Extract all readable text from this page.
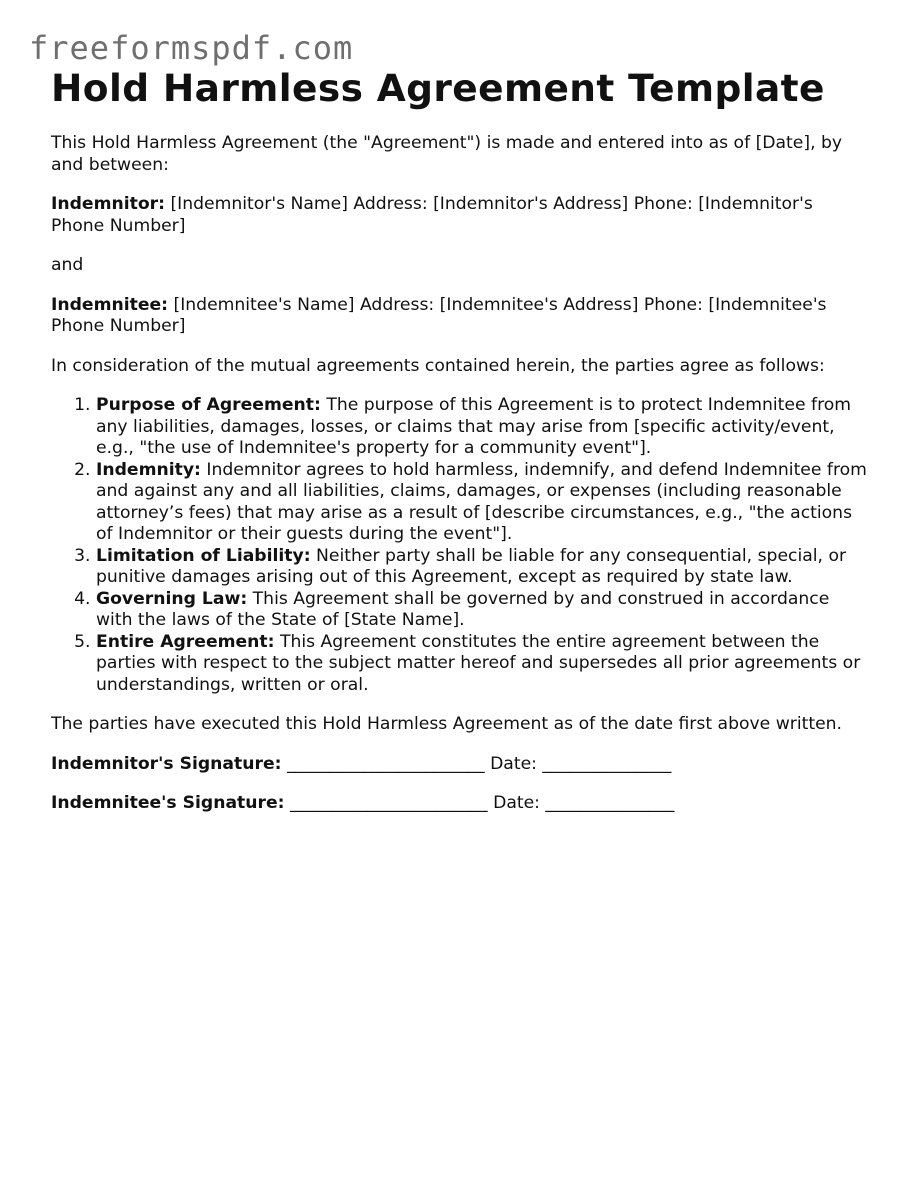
freeformspdf.com
Hold Harmless Agreement Template

This Hold Harmless Agreement (the "Agreement") is made and entered into as of [Date], by and between:

Indemnitor: [Indemnitor's Name] Address: [Indemnitor's Address] Phone: [Indemnitor's Phone Number]

and

Indemnitee: [Indemnitee's Name] Address: [Indemnitee's Address] Phone: [Indemnitee's Phone Number]

In consideration of the mutual agreements contained herein, the parties agree as follows:

1. Purpose of Agreement: The purpose of this Agreement is to protect Indemnitee from any liabilities, damages, losses, or claims that may arise from [specific activity/event, e.g., "the use of Indemnitee's property for a community event"].
2. Indemnity: Indemnitor agrees to hold harmless, indemnify, and defend Indemnitee from and against any and all liabilities, claims, damages, or expenses (including reasonable attorney’s fees) that may arise as a result of [describe circumstances, e.g., "the actions of Indemnitor or their guests during the event"].
3. Limitation of Liability: Neither party shall be liable for any consequential, special, or punitive damages arising out of this Agreement, except as required by state law.
4. Governing Law: This Agreement shall be governed by and construed in accordance with the laws of the State of [State Name].
5. Entire Agreement: This Agreement constitutes the entire agreement between the parties with respect to the subject matter hereof and supersedes all prior agreements or understandings, written or oral.

The parties have executed this Hold Harmless Agreement as of the date first above written.

Indemnitor's Signature: _______________________ Date: _______________

Indemnitee's Signature: _______________________ Date: _______________
